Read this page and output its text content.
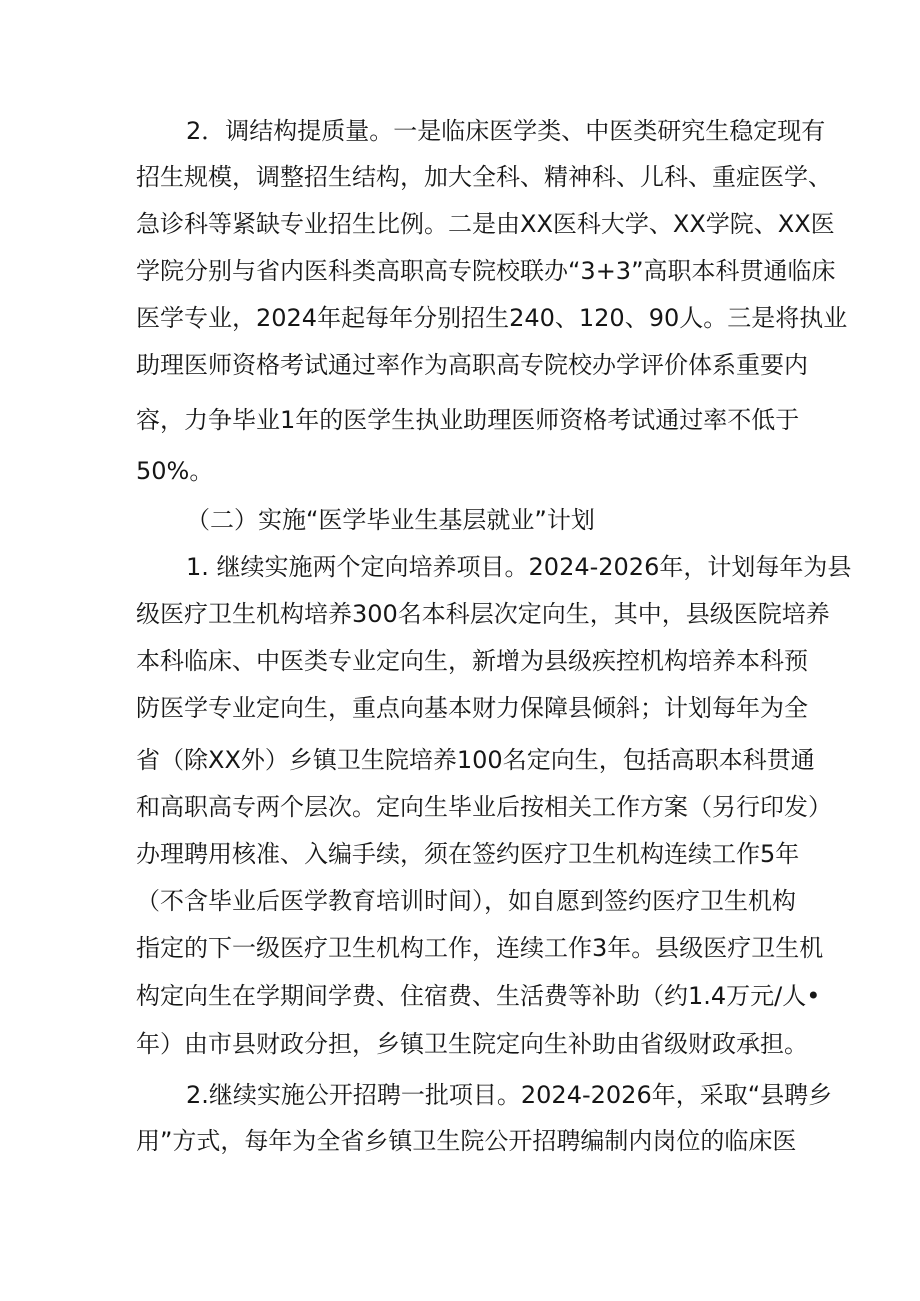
2．调结构提质量。一是临床医学类、中医类研究生稳定现有
招生规模，调整招生结构，加大全科、精神科、儿科、重症医学、
急诊科等紧缺专业招生比例。二是由XX医科大学、XX学院、XX医
学院分别与省内医科类高职高专院校联办“3+3”高职本科贯通临床
医学专业，2024年起每年分别招生240、120、90人。三是将执业
助理医师资格考试通过率作为高职高专院校办学评价体系重要内
容，力争毕业1年的医学生执业助理医师资格考试通过率不低于
50%。
（二）实施“医学毕业生基层就业”计划
1. 继续实施两个定向培养项目。2024-2026年，计划每年为县
级医疗卫生机构培养300名本科层次定向生，其中，县级医院培养
本科临床、中医类专业定向生，新增为县级疾控机构培养本科预
防医学专业定向生，重点向基本财力保障县倾斜；计划每年为全
省（除XX外）乡镇卫生院培养100名定向生，包括高职本科贯通
和高职高专两个层次。定向生毕业后按相关工作方案（另行印发）
办理聘用核准、入编手续，须在签约医疗卫生机构连续工作5年
（不含毕业后医学教育培训时间），如自愿到签约医疗卫生机构
指定的下一级医疗卫生机构工作，连续工作3年。县级医疗卫生机
构定向生在学期间学费、住宿费、生活费等补助（约1.4万元/人•
年）由市县财政分担，乡镇卫生院定向生补助由省级财政承担。
2.继续实施公开招聘一批项目。2024-2026年，采取“县聘乡
用”方式，每年为全省乡镇卫生院公开招聘编制内岗位的临床医
